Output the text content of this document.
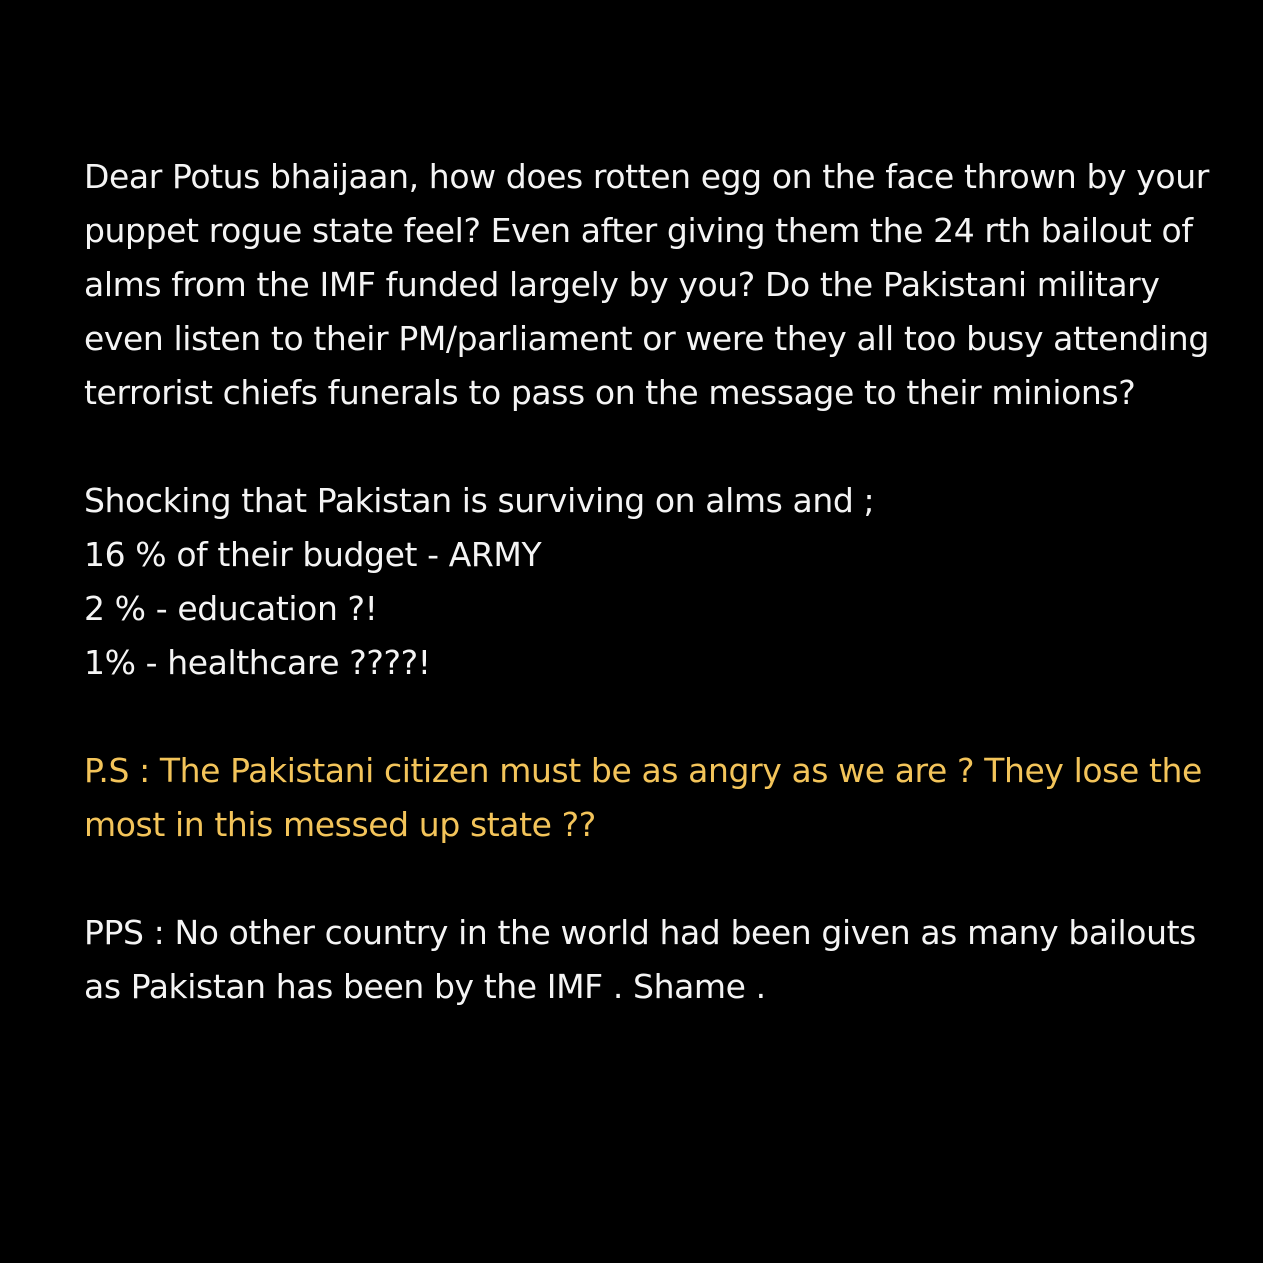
Dear Potus bhaijaan, how does rotten egg on the face thrown by your puppet rogue state feel? Even after giving them the 24 rth bailout of alms from the IMF funded largely by you? Do the Pakistani military even listen to their PM/parliament or were they all too busy attending terrorist chiefs funerals to pass on the message to their minions?

Shocking that Pakistan is surviving on alms and ;
16 % of their budget - ARMY
2 % - education ?!
1% - healthcare ????!

P.S : The Pakistani citizen must be as angry as we are ? They lose the most in this messed up state ??

PPS : No other country in the world had been given as many bailouts as Pakistan has been by the IMF . Shame .
